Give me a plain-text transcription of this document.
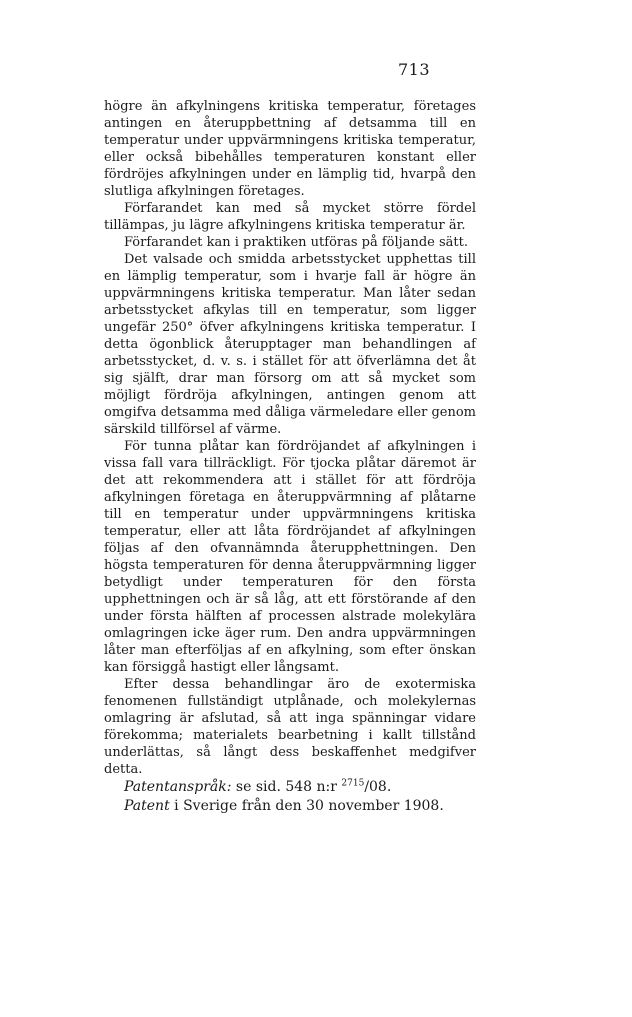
713

högre än afkylningens kritiska temperatur, företages antingen en återuppbettning af detsamma till en temperatur under uppvärmningens kritiska temperatur, eller också bibehålles temperaturen konstant eller fördröjes afkylningen under en lämplig tid, hvarpå den slutliga afkylningen företages.

Förfarandet kan med så mycket större fördel tillämpas, ju lägre afkylningens kritiska temperatur är.

Förfarandet kan i praktiken utföras på följande sätt.

Det valsade och smidda arbetsstycket upphettas till en lämplig temperatur, som i hvarje fall är högre än uppvärmningens kritiska temperatur. Man låter sedan arbetsstycket afkylas till en temperatur, som ligger ungefär 250° öfver afkylningens kritiska temperatur. I detta ögonblick återupptager man behandlingen af arbetsstycket, d. v. s. i stället för att öfverlämna det åt sig själft, drar man försorg om att så mycket som möjligt fördröja afkylningen, antingen genom att omgifva detsamma med dåliga värmeledare eller genom särskild tillförsel af värme.

För tunna plåtar kan fördröjandet af afkylningen i vissa fall vara tillräckligt. För tjocka plåtar däremot är det att rekommendera att i stället för att fördröja afkylningen företaga en återuppvärmning af plåtarne till en temperatur under uppvärmningens kritiska temperatur, eller att låta fördröjandet af afkylningen följas af den ofvannämnda återupphettningen. Den högsta temperaturen för denna återuppvärmning ligger betydligt under temperaturen för den första upphettningen och är så låg, att ett förstörande af den under första hälften af processen alstrade molekylära omlagringen icke äger rum. Den andra uppvärmningen låter man efterföljas af en afkylning, som efter önskan kan försiggå hastigt eller långsamt.

Efter dessa behandlingar äro de exotermiska fenomenen fullständigt utplånade, och molekylernas omlagring är afslutad, så att inga spänningar vidare förekomma; materialets bearbetning i kallt tillstånd underlättas, så långt dess beskaffenhet medgifver detta.

Patentanspråk: se sid. 548 n:r $^{2715}$/08.

Patent i Sverige från den 30 november 1908.
